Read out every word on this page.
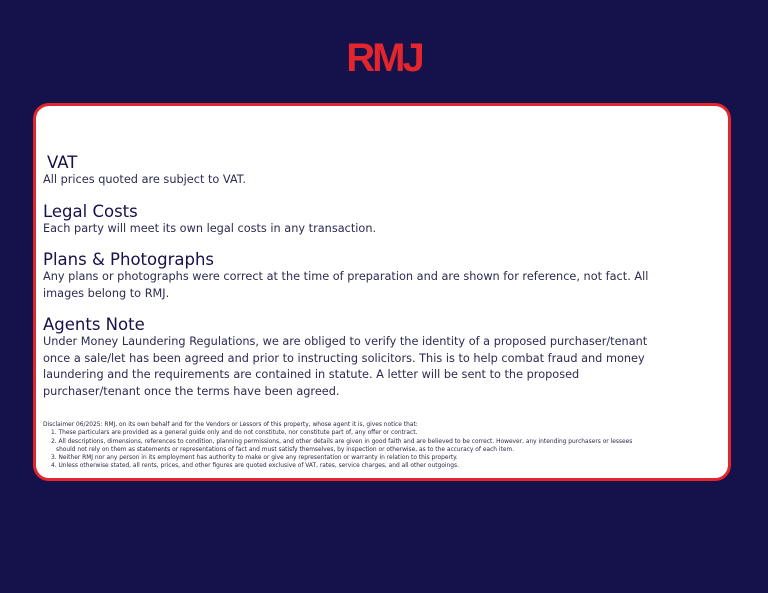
RMJ
VAT

All prices quoted are subject to VAT.

Legal Costs

Each party will meet its own legal costs in any transaction.

Plans & Photographs
Any plans or photographs were correct at the time of preparation and are shown for reference, not fact. All
images belong to RMJ.
Agents Note
Under Money Laundering Regulations, we are obliged to verify the identity of a proposed purchaser/tenant
once a sale/let has been agreed and prior to instructing solicitors. This is to help combat fraud and money
laundering and the requirements are contained in statute. A letter will be sent to the proposed
purchaser/tenant once the terms have been agreed.
Disclaimer 06/2025: RMJ, on its own behalf and for the Vendors or Lessors of this property, whose agent it is, gives notice that:
1. These particulars are provided as a general guide only and do not constitute, nor constitute part of, any offer or contract.
2. All descriptions, dimensions, references to condition, planning permissions, and other details are given in good faith and are believed to be correct. However, any intending purchasers or lessees
should not rely on them as statements or representations of fact and must satisfy themselves, by inspection or otherwise, as to the accuracy of each item.
3. Neither RMJ nor any person in its employment has authority to make or give any representation or warranty in relation to this property.
4. Unless otherwise stated, all rents, prices, and other figures are quoted exclusive of VAT, rates, service charges, and all other outgoings.
